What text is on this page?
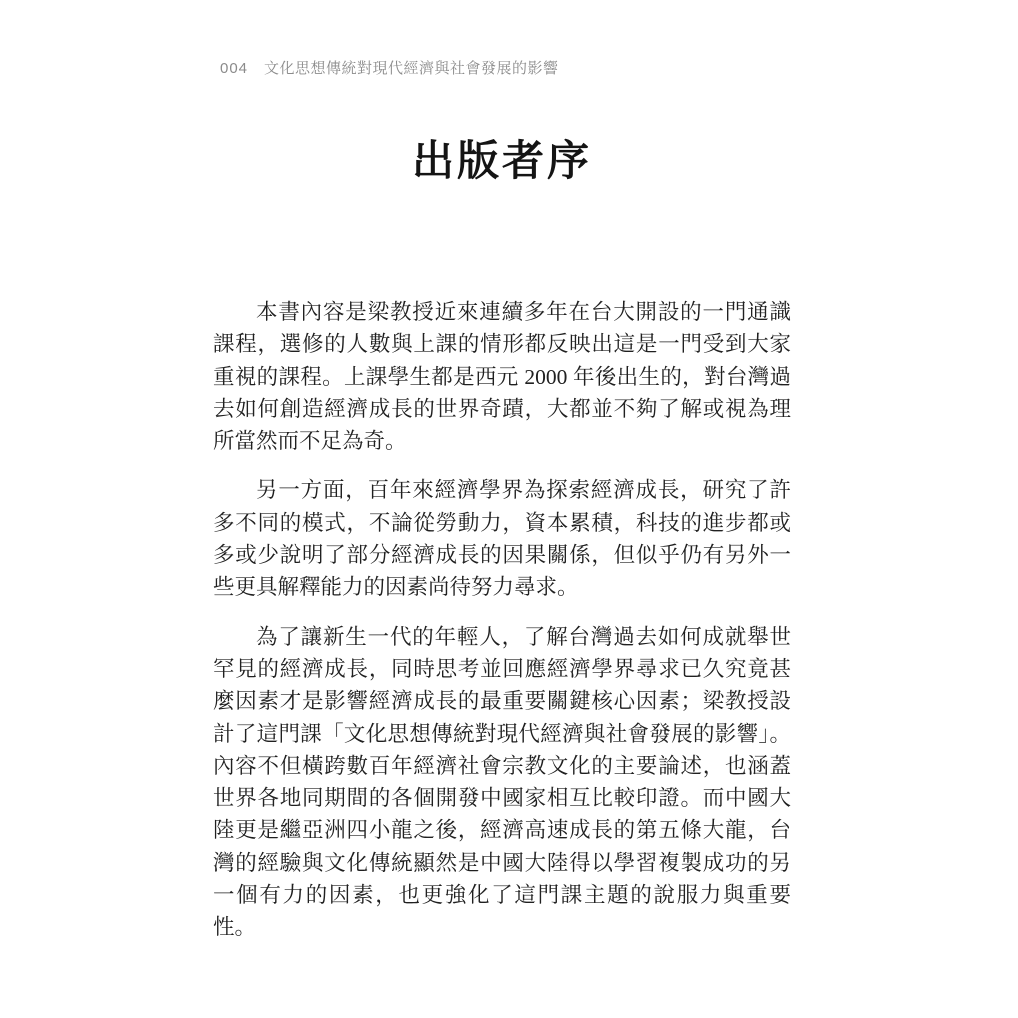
004 文化思想傳統對現代經濟與社會發展的影響
出版者序

本書內容是梁教授近來連續多年在台大開設的一門通識課程，選修的人數與上課的情形都反映出這是一門受到大家重視的課程。上課學生都是西元 2000 年後出生的，對台灣過去如何創造經濟成長的世界奇蹟，大都並不夠了解或視為理所當然而不足為奇。

另一方面，百年來經濟學界為探索經濟成長，研究了許多不同的模式，不論從勞動力，資本累積，科技的進步都或多或少說明了部分經濟成長的因果關係，但似乎仍有另外一些更具解釋能力的因素尚待努力尋求。

為了讓新生一代的年輕人，了解台灣過去如何成就舉世罕見的經濟成長，同時思考並回應經濟學界尋求已久究竟甚麼因素才是影響經濟成長的最重要關鍵核心因素；梁教授設計了這門課「文化思想傳統對現代經濟與社會發展的影響」。內容不但橫跨數百年經濟社會宗教文化的主要論述，也涵蓋世界各地同期間的各個開發中國家相互比較印證。而中國大陸更是繼亞洲四小龍之後，經濟高速成長的第五條大龍，台灣的經驗與文化傳統顯然是中國大陸得以學習複製成功的另一個有力的因素，也更強化了這門課主題的說服力與重要性。
